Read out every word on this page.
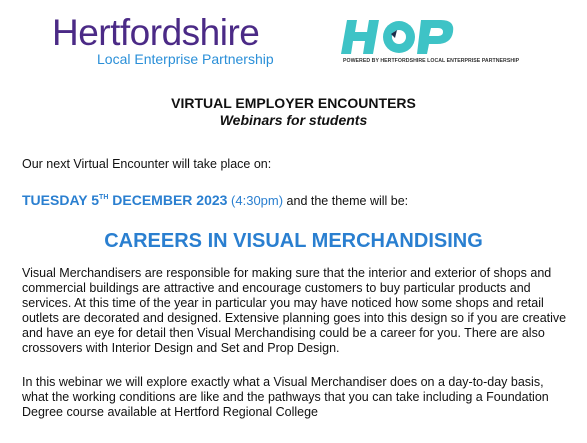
Hertfordshire
Local Enterprise Partnership	POWERED BY HERTFORDSHIRE LOCAL ENTERPRISE PARTNERSHIP
VIRTUAL EMPLOYER ENCOUNTERS
Webinars for students
Our next Virtual Encounter will take place on:
TUESDAY 5TH DECEMBER 2023 (4:30pm) and the theme will be:
CAREERS IN VISUAL MERCHANDISING
Visual Merchandisers are responsible for making sure that the interior and exterior of shops and commercial buildings are attractive and encourage customers to buy particular products and services. At this time of the year in particular you may have noticed how some shops and retail outlets are decorated and designed. Extensive planning goes into this design so if you are creative and have an eye for detail then Visual Merchandising could be a career for you. There are also crossovers with Interior Design and Set and Prop Design.
In this webinar we will explore exactly what a Visual Merchandiser does on a day-to-day basis, what the working conditions are like and the pathways that you can take including a Foundation Degree course available at Hertford Regional College
